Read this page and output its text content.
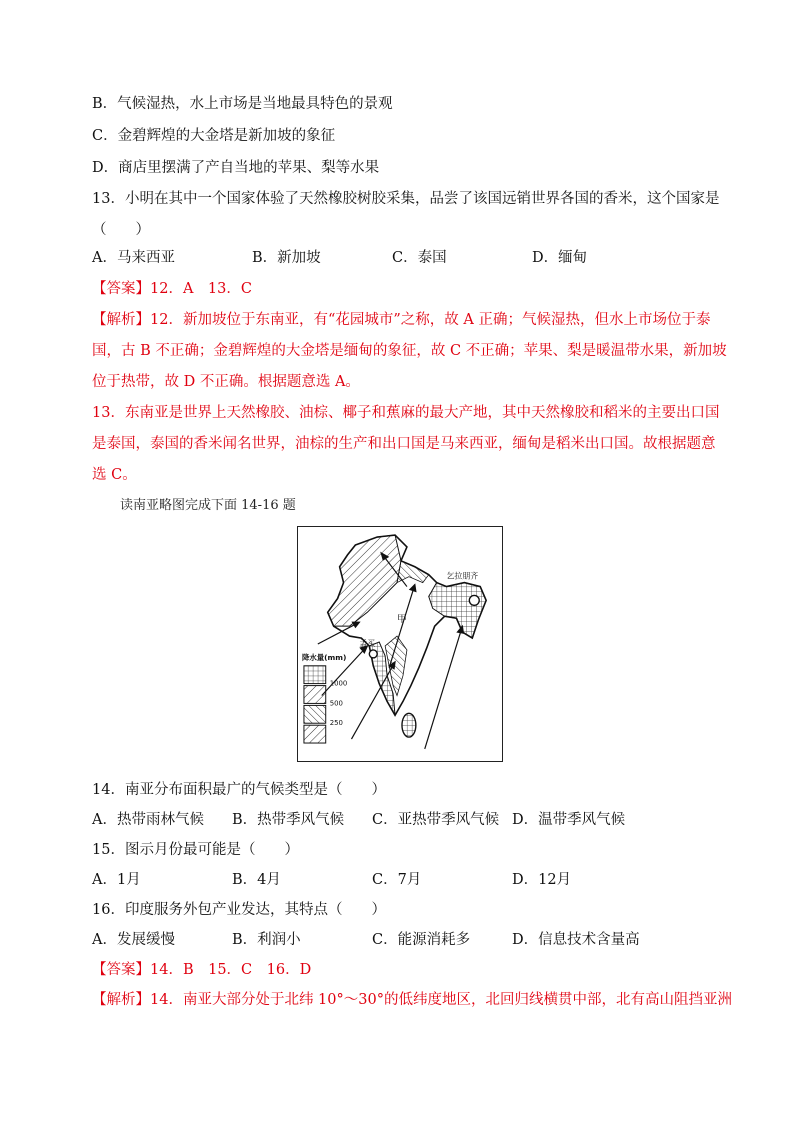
B．气候湿热，水上市场是当地最具特色的景观
C．金碧辉煌的大金塔是新加坡的象征
D．商店里摆满了产自当地的苹果、梨等水果
13．小明在其中一个国家体验了天然橡胶树胶采集，品尝了该国远销世界各国的香米，这个国家是
（　　）
A．马来西亚	B．新加坡	C．泰国	D．缅甸
【答案】12．A　13．C
【解析】12．新加坡位于东南亚，有“花园城市”之称，故 A 正确；气候湿热，但水上市场位于泰
国，古 B 不正确；金碧辉煌的大金塔是缅甸的象征，故 C 不正确；苹果、梨是暖温带水果，新加坡
位于热带，故 D 不正确。根据题意选 A。
13．东南亚是世界上天然橡胶、油棕、椰子和蕉麻的最大产地，其中天然橡胶和稻米的主要出口国
是泰国，泰国的香米闻名世界，油棕的生产和出口国是马来西亚，缅甸是稻米出口国。故根据题意
选 C。
读南亚略图完成下面 14-16 题
乞拉朋齐
孟买
甲
降水量(mm)
1000
500
250
14．南亚分布面积最广的气候类型是（　　）
A．热带雨林气候	B．热带季风气候	C．亚热带季风气候 D．温带季风气候
15．图示月份最可能是（　　）
A．1月	B．4月	C．7月	D．12月
16．印度服务外包产业发达，其特点（　　）
A．发展缓慢	B．利润小	C．能源消耗多	D．信息技术含量高
【答案】14．B　15．C　16．D
【解析】14．南亚大部分处于北纬 10°～30°的低纬度地区，北回归线横贯中部，北有高山阻挡亚洲
